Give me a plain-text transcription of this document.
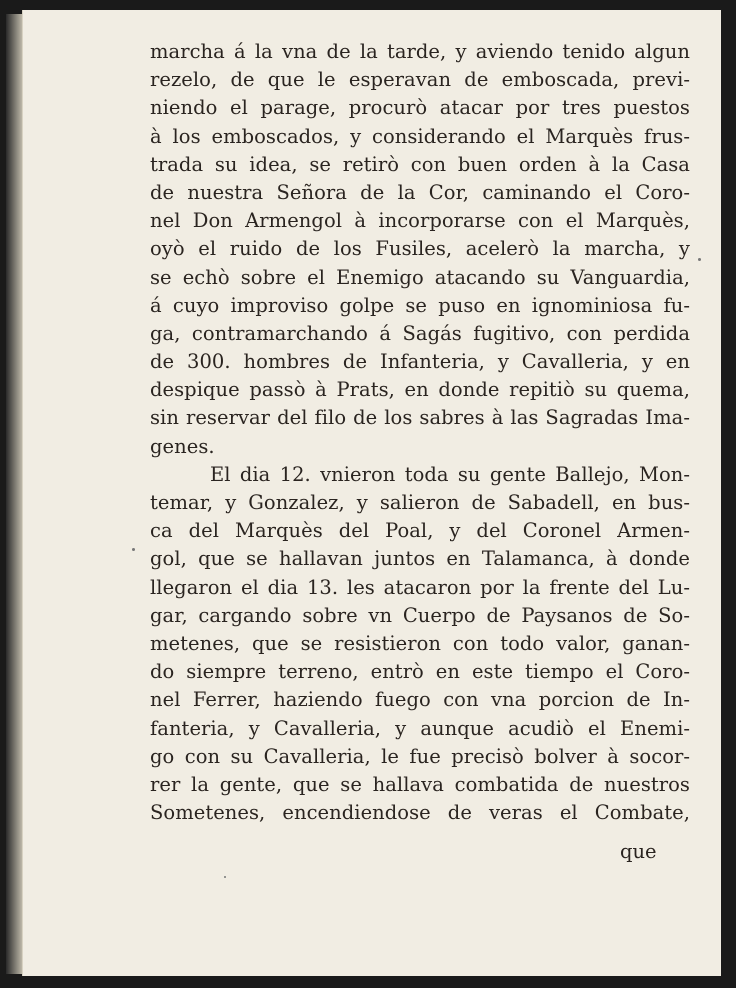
marcha á la vna de la tarde, y aviendo tenido algun
rezelo, de que le esperavan de emboscada, previ-
niendo el parage, procurò atacar por tres puestos
à los emboscados, y considerando el Marquès frus-
trada su idea, se retirò con buen orden à la Casa
de nuestra Señora de la Cor, caminando el Coro-
nel Don Armengol à incorporarse con el Marquès,
oyò el ruido de los Fusiles, acelerò la marcha, y
se echò sobre el Enemigo atacando su Vanguardia,
á cuyo improviso golpe se puso en ignominiosa fu-
ga, contramarchando á Sagás fugitivo, con perdida
de 300. hombres de Infanteria, y Cavalleria, y en
despique passò à Prats, en donde repitiò su quema,
sin reservar del filo de los sabres à las Sagradas Ima-
genes.
El dia 12. vnieron toda su gente Ballejo, Mon-
temar, y Gonzalez, y salieron de Sabadell, en bus-
ca del Marquès del Poal, y del Coronel Armen-
gol, que se hallavan juntos en Talamanca, à donde
llegaron el dia 13. les atacaron por la frente del Lu-
gar, cargando sobre vn Cuerpo de Paysanos de So-
metenes, que se resistieron con todo valor, ganan-
do siempre terreno, entrò en este tiempo el Coro-
nel Ferrer, haziendo fuego con vna porcion de In-
fanteria, y Cavalleria, y aunque acudiò el Enemi-
go con su Cavalleria, le fue precisò bolver à socor-
rer la gente, que se hallava combatida de nuestros
Sometenes, encendiendose de veras el Combate,
que
